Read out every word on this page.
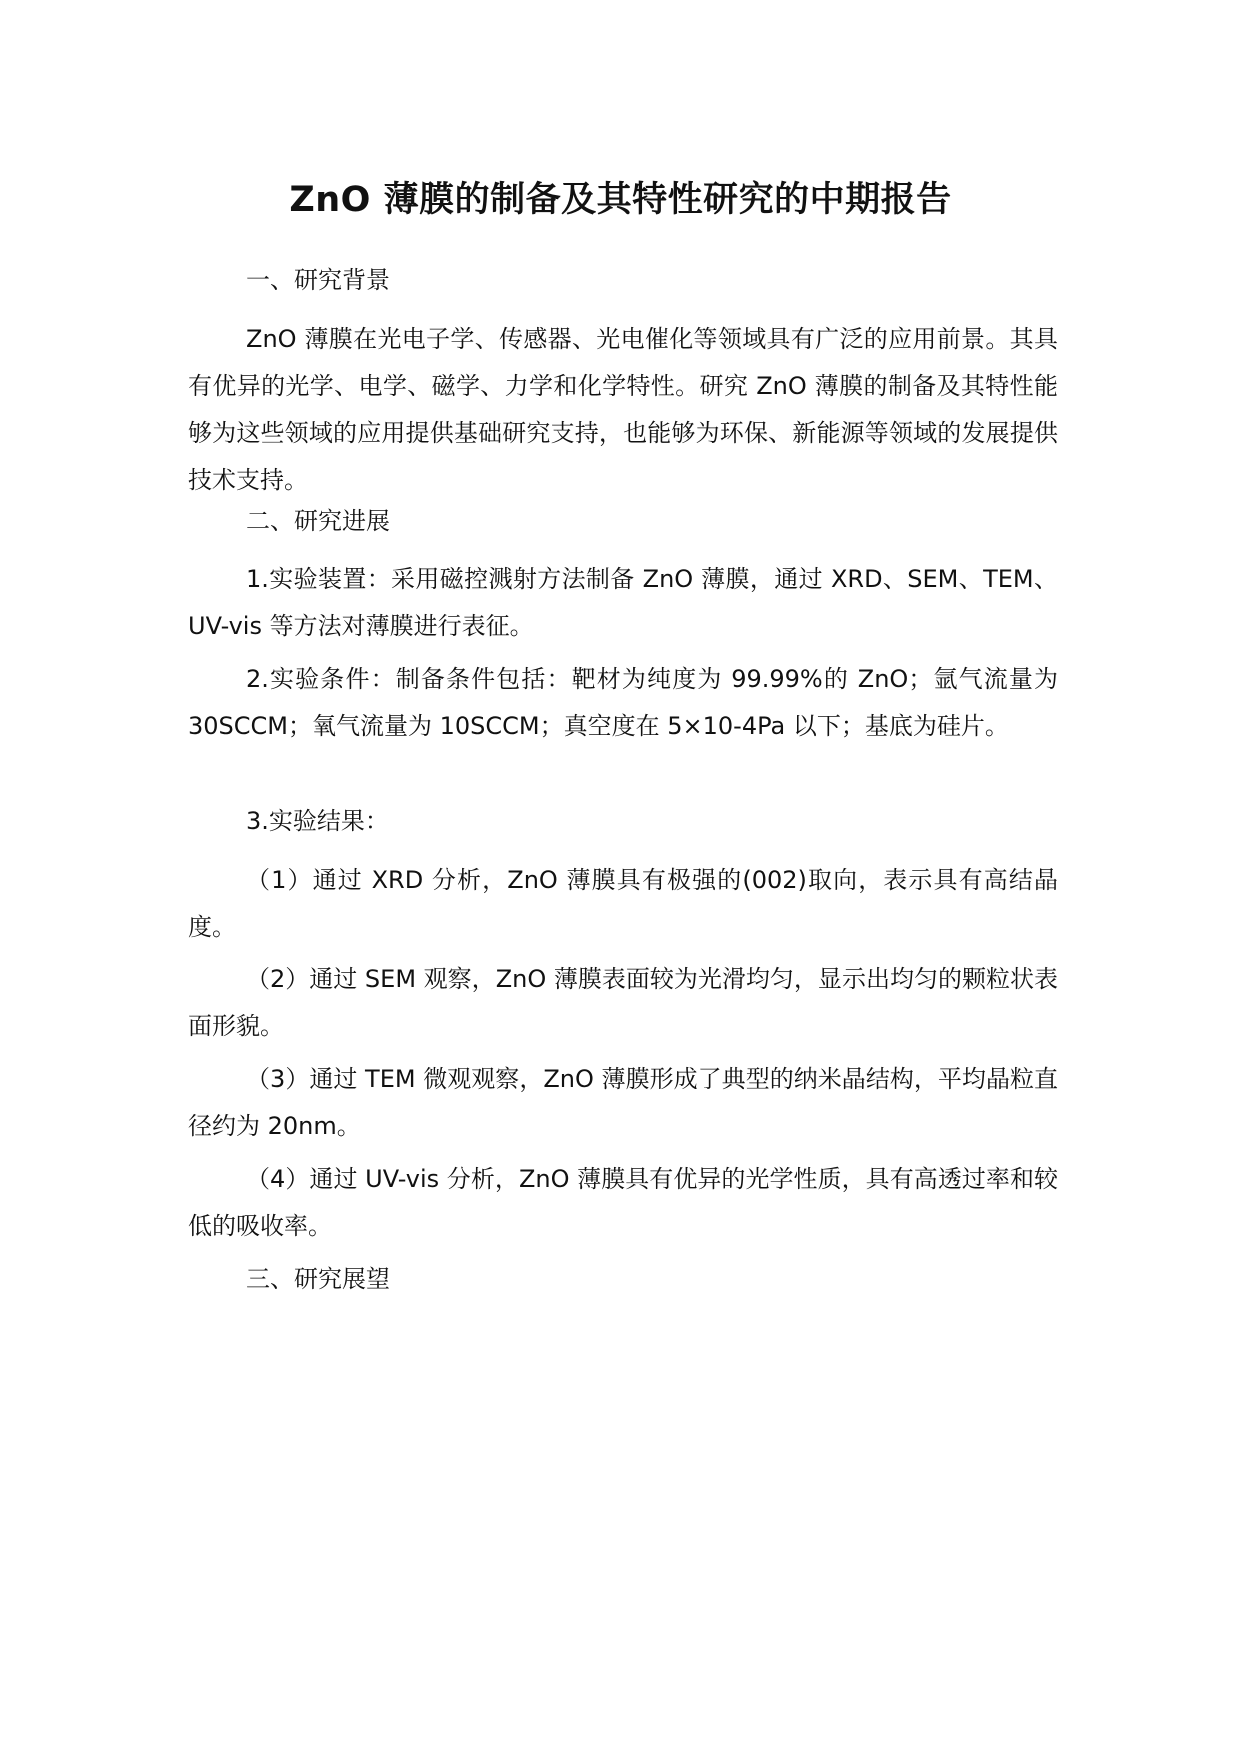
ZnO 薄膜的制备及其特性研究的中期报告

一、研究背景

ZnO 薄膜在光电子学、传感器、光电催化等领域具有广泛的应用前景。其具有优异的光学、电学、磁学、力学和化学特性。研究 ZnO 薄膜的制备及其特性能够为这些领域的应用提供基础研究支持，也能够为环保、新能源等领域的发展提供技术支持。

二、研究进展

1.实验装置：采用磁控溅射方法制备 ZnO 薄膜，通过 XRD、SEM、TEM、UV-vis 等方法对薄膜进行表征。

2.实验条件：制备条件包括：靶材为纯度为 99.99%的 ZnO；氩气流量为 30SCCM；氧气流量为 10SCCM；真空度在 5×10-4Pa 以下；基底为硅片。

3.实验结果：

（1）通过 XRD 分析，ZnO 薄膜具有极强的(002)取向，表示具有高结晶度。

（2）通过 SEM 观察，ZnO 薄膜表面较为光滑均匀，显示出均匀的颗粒状表面形貌。

（3）通过 TEM 微观观察，ZnO 薄膜形成了典型的纳米晶结构，平均晶粒直径约为 20nm。

（4）通过 UV-vis 分析，ZnO 薄膜具有优异的光学性质，具有高透过率和较低的吸收率。

三、研究展望
